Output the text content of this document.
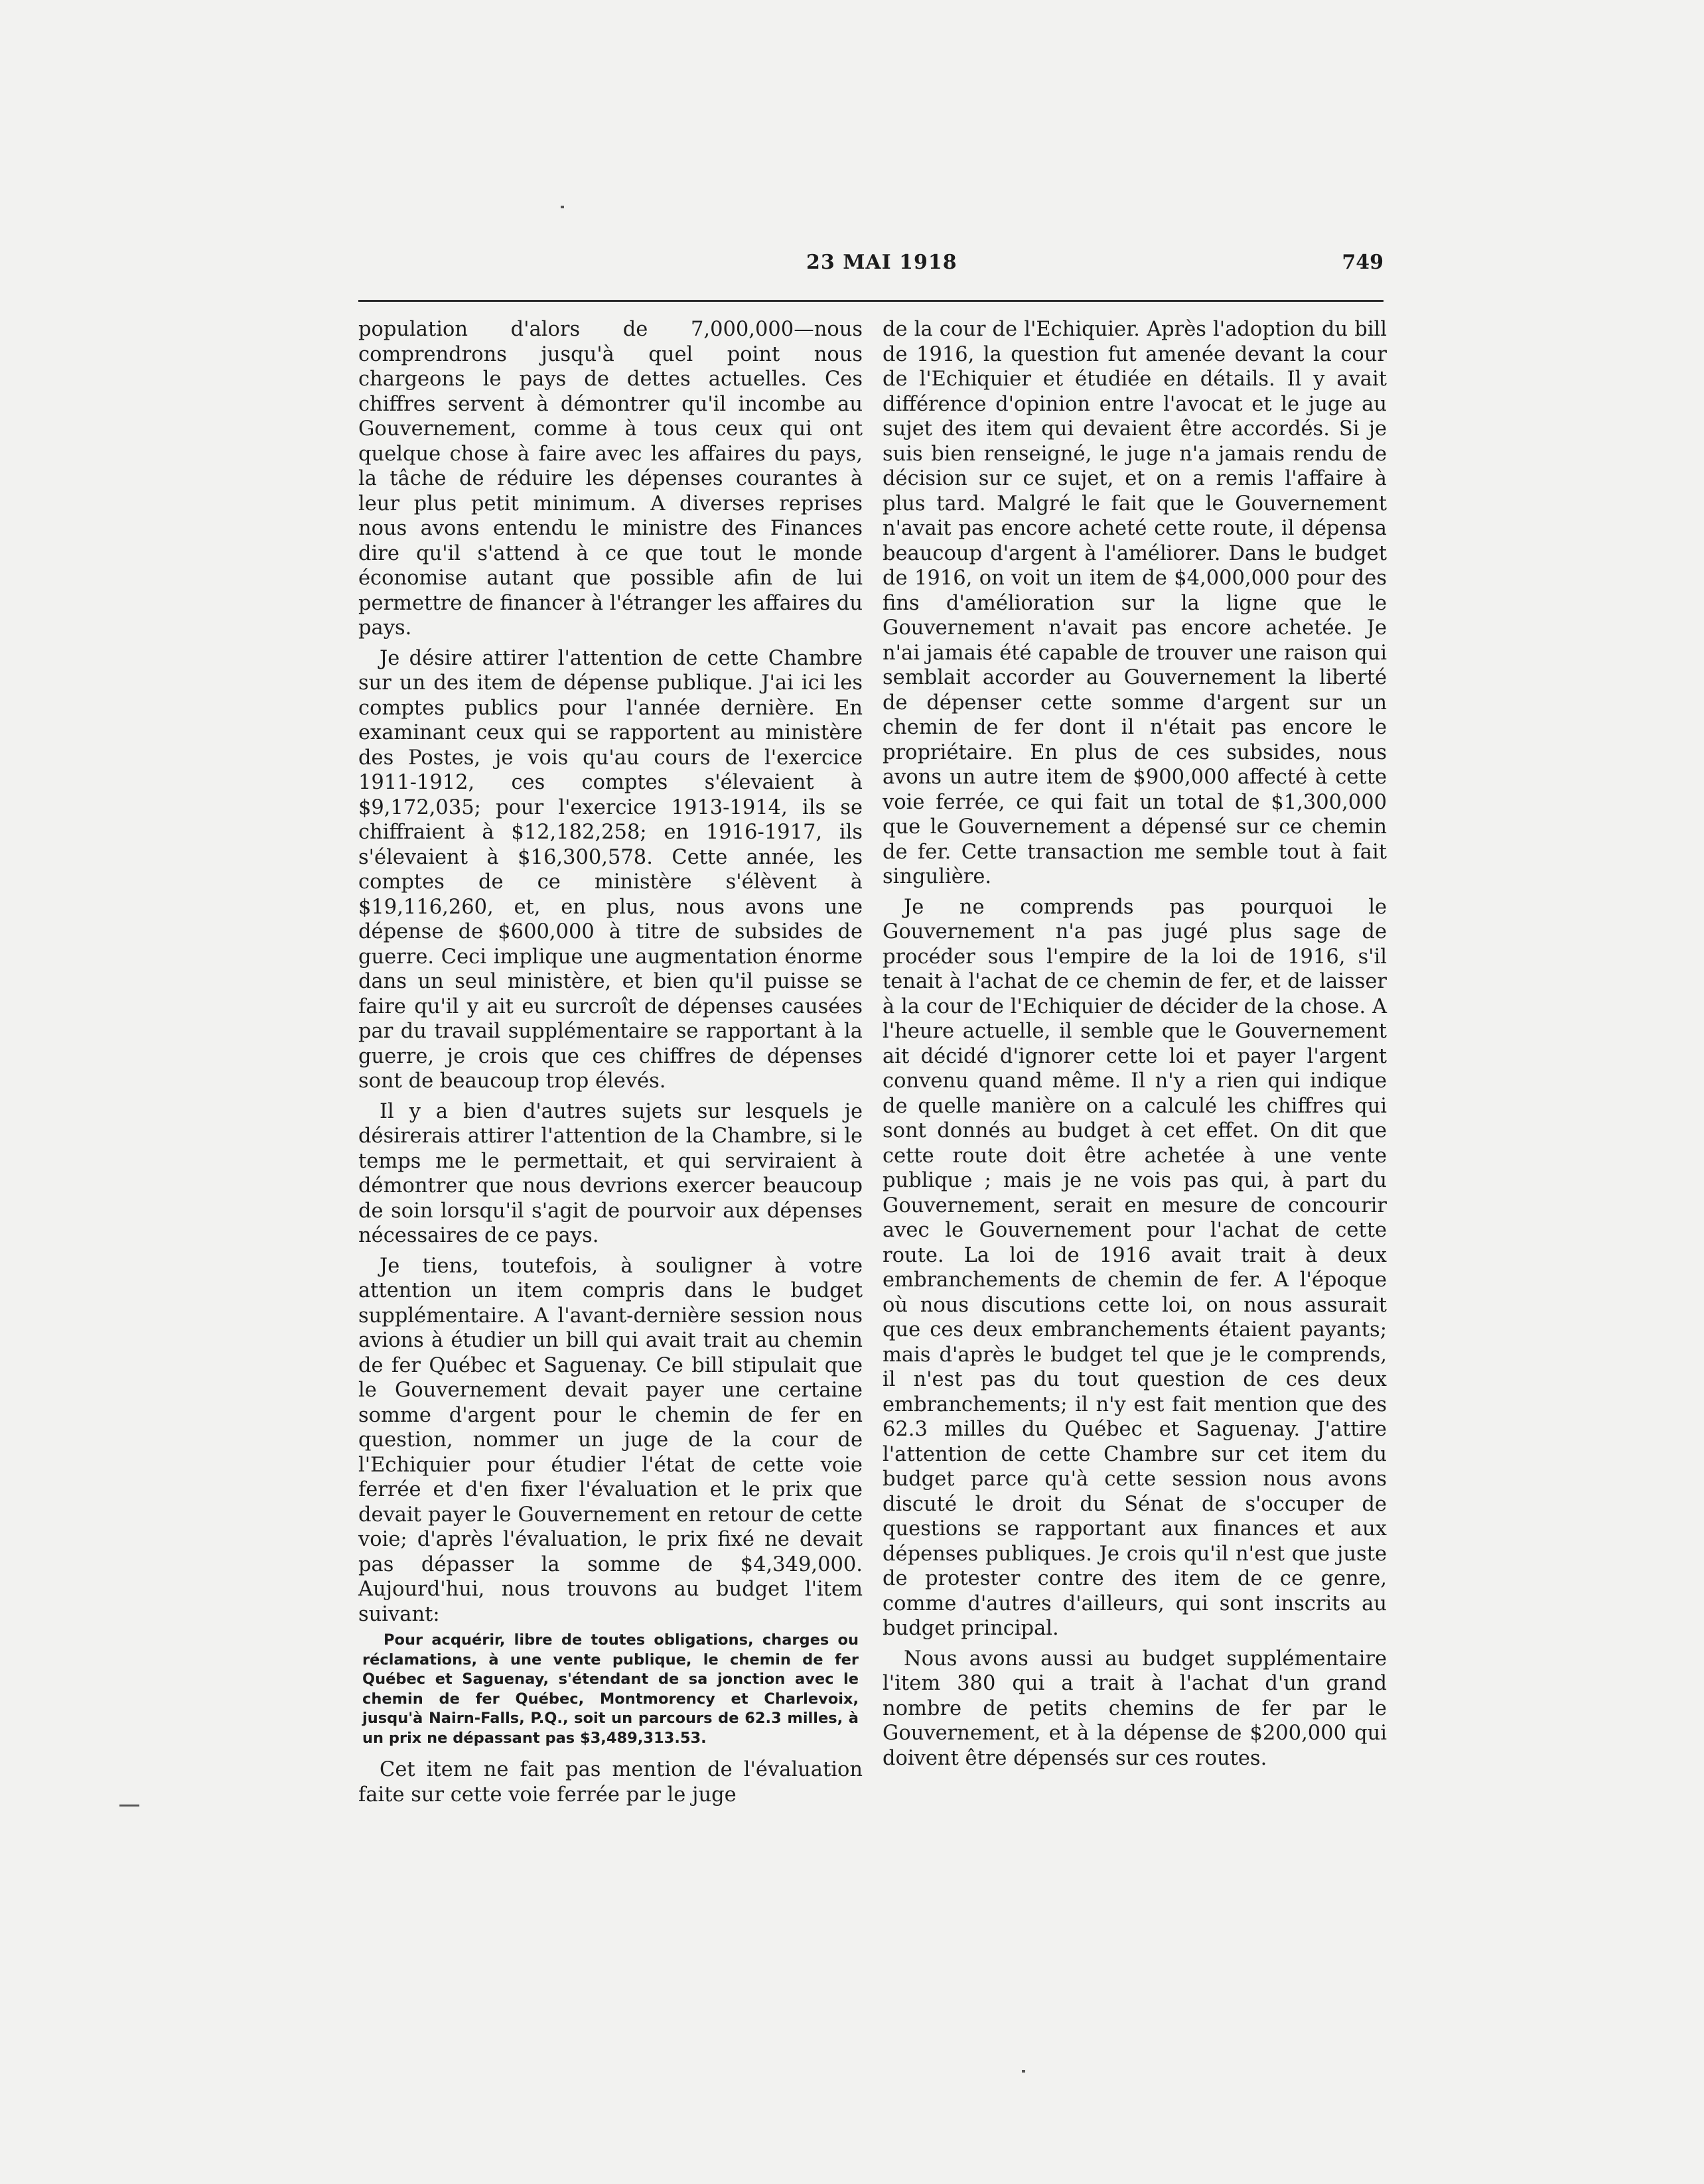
23 MAI 1918	749

population d'alors de 7,000,000—nous comprendrons jusqu'à quel point nous chargeons le pays de dettes actuelles. Ces chiffres servent à démontrer qu'il incombe au Gouvernement, comme à tous ceux qui ont quelque chose à faire avec les affaires du pays, la tâche de réduire les dépenses courantes à leur plus petit minimum. A diverses reprises nous avons entendu le ministre des Finances dire qu'il s'attend à ce que tout le monde économise autant que possible afin de lui permettre de financer à l'étranger les affaires du pays.

Je désire attirer l'attention de cette Chambre sur un des item de dépense publique. J'ai ici les comptes publics pour l'année dernière. En examinant ceux qui se rapportent au ministère des Postes, je vois qu'au cours de l'exercice 1911-1912, ces comptes s'élevaient à $9,172,035; pour l'exercice 1913-1914, ils se chiffraient à $12,182,258; en 1916-1917, ils s'élevaient à $16,300,578. Cette année, les comptes de ce ministère s'élèvent à $19,116,260, et, en plus, nous avons une dépense de $600,000 à titre de subsides de guerre. Ceci implique une augmentation énorme dans un seul ministère, et bien qu'il puisse se faire qu'il y ait eu surcroît de dépenses causées par du travail supplémentaire se rapportant à la guerre, je crois que ces chiffres de dépenses sont de beaucoup trop élevés.

Il y a bien d'autres sujets sur lesquels je désirerais attirer l'attention de la Chambre, si le temps me le permettait, et qui serviraient à démontrer que nous devrions exercer beaucoup de soin lorsqu'il s'agit de pourvoir aux dépenses nécessaires de ce pays.

Je tiens, toutefois, à souligner à votre attention un item compris dans le budget supplémentaire. A l'avant-dernière session nous avions à étudier un bill qui avait trait au chemin de fer Québec et Saguenay. Ce bill stipulait que le Gouvernement devait payer une certaine somme d'argent pour le chemin de fer en question, nommer un juge de la cour de l'Echiquier pour étudier l'état de cette voie ferrée et d'en fixer l'évaluation et le prix que devait payer le Gouvernement en retour de cette voie; d'après l'évaluation, le prix fixé ne devait pas dépasser la somme de $4,349,000. Aujourd'hui, nous trouvons au budget l'item suivant:

Pour acquérir, libre de toutes obligations, charges ou réclamations, à une vente publique, le chemin de fer Québec et Saguenay, s'étendant de sa jonction avec le chemin de fer Québec, Montmorency et Charlevoix, jusqu'à Nairn-Falls, P.Q., soit un parcours de 62.3 milles, à un prix ne dépassant pas $3,489,313.53.

Cet item ne fait pas mention de l'évaluation faite sur cette voie ferrée par le juge

de la cour de l'Echiquier. Après l'adoption du bill de 1916, la question fut amenée devant la cour de l'Echiquier et étudiée en détails. Il y avait différence d'opinion entre l'avocat et le juge au sujet des item qui devaient être accordés. Si je suis bien renseigné, le juge n'a jamais rendu de décision sur ce sujet, et on a remis l'affaire à plus tard. Malgré le fait que le Gouvernement n'avait pas encore acheté cette route, il dépensa beaucoup d'argent à l'améliorer. Dans le budget de 1916, on voit un item de $4,000,000 pour des fins d'amélioration sur la ligne que le Gouvernement n'avait pas encore achetée. Je n'ai jamais été capable de trouver une raison qui semblait accorder au Gouvernement la liberté de dépenser cette somme d'argent sur un chemin de fer dont il n'était pas encore le propriétaire. En plus de ces subsides, nous avons un autre item de $900,000 affecté à cette voie ferrée, ce qui fait un total de $1,300,000 que le Gouvernement a dépensé sur ce chemin de fer. Cette transaction me semble tout à fait singulière.

Je ne comprends pas pourquoi le Gouvernement n'a pas jugé plus sage de procéder sous l'empire de la loi de 1916, s'il tenait à l'achat de ce chemin de fer, et de laisser à la cour de l'Echiquier de décider de la chose. A l'heure actuelle, il semble que le Gouvernement ait décidé d'ignorer cette loi et payer l'argent convenu quand même. Il n'y a rien qui indique de quelle manière on a calculé les chiffres qui sont donnés au budget à cet effet. On dit que cette route doit être achetée à une vente publique ; mais je ne vois pas qui, à part du Gouvernement, serait en mesure de concourir avec le Gouvernement pour l'achat de cette route. La loi de 1916 avait trait à deux embranchements de chemin de fer. A l'époque où nous discutions cette loi, on nous assurait que ces deux embranchements étaient payants; mais d'après le budget tel que je le comprends, il n'est pas du tout question de ces deux embranchements; il n'y est fait mention que des 62.3 milles du Québec et Saguenay. J'attire l'attention de cette Chambre sur cet item du budget parce qu'à cette session nous avons discuté le droit du Sénat de s'occuper de questions se rapportant aux finances et aux dépenses publiques. Je crois qu'il n'est que juste de protester contre des item de ce genre, comme d'autres d'ailleurs, qui sont inscrits au budget principal.

Nous avons aussi au budget supplémentaire l'item 380 qui a trait à l'achat d'un grand nombre de petits chemins de fer par le Gouvernement, et à la dépense de $200,000 qui doivent être dépensés sur ces routes.
